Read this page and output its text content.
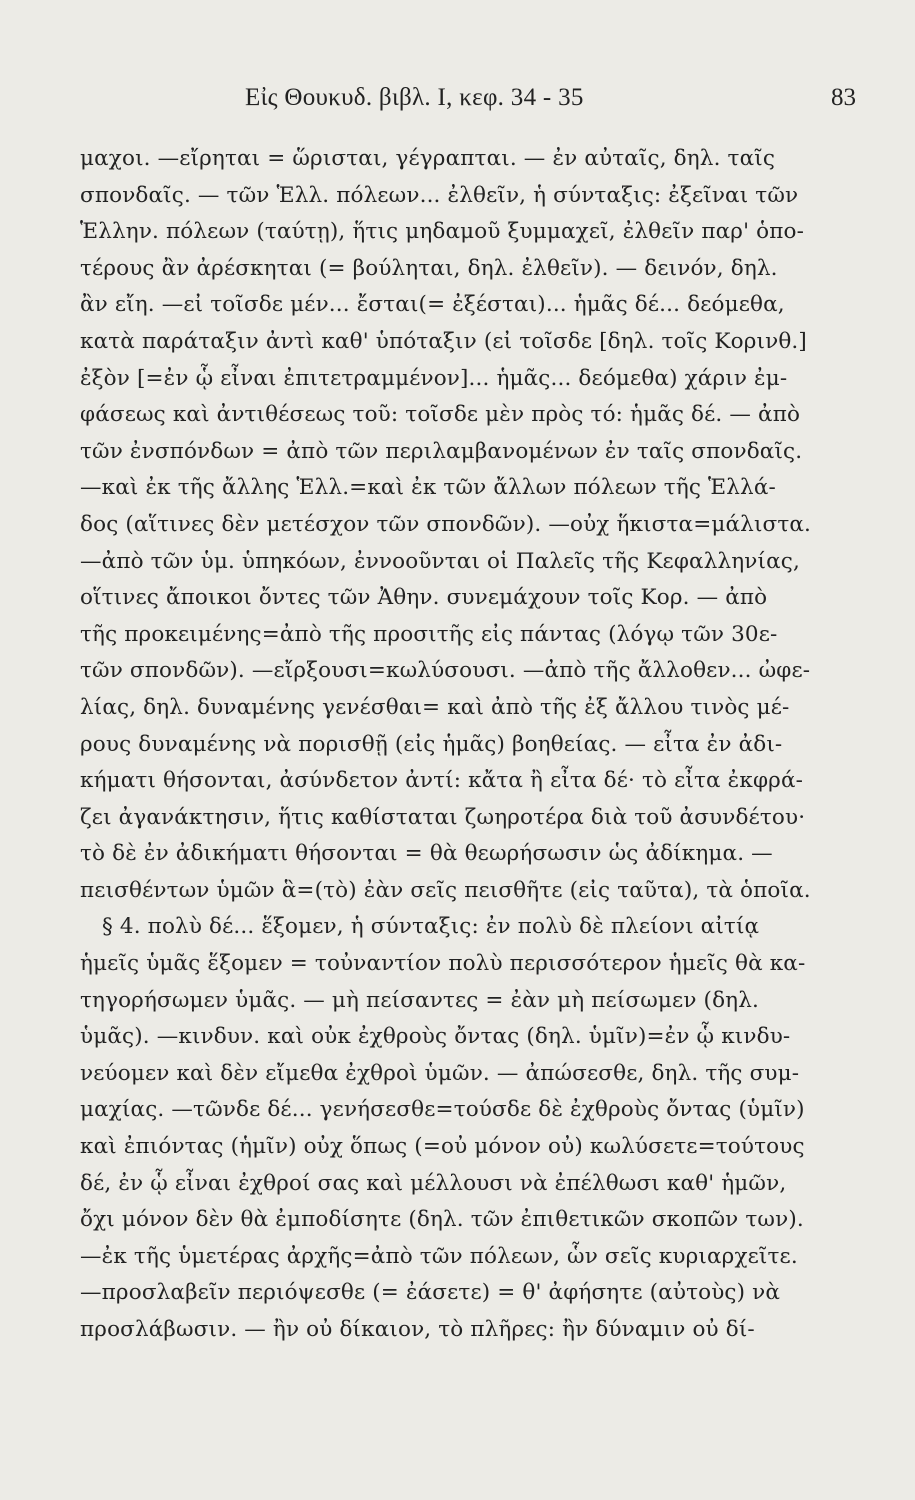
Εἰς Θουκυδ. βιβλ. I, κεφ. 34 - 35	83
μαχοι. —εἴρηται = ὥρισται, γέγραπται. — ἐν αὐταῖς, δηλ. ταῖς
σπονδαῖς. — τῶν Ἑλλ. πόλεων... ἐλθεῖν, ἡ σύνταξις: ἐξεῖναι τῶν
Ἑλλην. πόλεων (ταύτῃ), ἥτις μηδαμοῦ ξυμμαχεῖ, ἐλθεῖν παρ' ὁπο-
τέρους ἂν ἀρέσκηται (= βούληται, δηλ. ἐλθεῖν). — δεινόν, δηλ.
ἂν εἴη. —εἰ τοῖσδε μέν... ἔσται(= ἐξέσται)... ἡμᾶς δέ... δεόμεθα,
κατὰ παράταξιν ἀντὶ καθ' ὑπόταξιν (εἰ τοῖσδε [δηλ. τοῖς Κορινθ.]
ἐξὸν [=ἐν ᾧ εἶναι ἐπιτετραμμένον]... ἡμᾶς... δεόμεθα) χάριν ἐμ-
φάσεως καὶ ἀντιθέσεως τοῦ: τοῖσδε μὲν πρὸς τό: ἡμᾶς δέ. — ἀπὸ
τῶν ἐνσπόνδων = ἀπὸ τῶν περιλαμβανομένων ἐν ταῖς σπονδαῖς.
—καὶ ἐκ τῆς ἄλλης Ἑλλ.=καὶ ἐκ τῶν ἄλλων πόλεων τῆς Ἑλλά-
δος (αἵτινες δὲν μετέσχον τῶν σπονδῶν). —οὐχ ἥκιστα=μάλιστα.
—ἀπὸ τῶν ὑμ. ὑπηκόων, ἐννοοῦνται οἱ Παλεῖς τῆς Κεφαλληνίας,
οἵτινες ἄποικοι ὄντες τῶν Ἀθην. συνεμάχουν τοῖς Κορ. — ἀπὸ
τῆς προκειμένης=ἀπὸ τῆς προσιτῆς εἰς πάντας (λόγῳ τῶν 30ε-
τῶν σπονδῶν). —εἴρξουσι=κωλύσουσι. —ἀπὸ τῆς ἄλλοθεν... ὠφε-
λίας, δηλ. δυναμένης γενέσθαι= καὶ ἀπὸ τῆς ἐξ ἄλλου τινὸς μέ-
ρους δυναμένης νὰ πορισθῇ (εἰς ἡμᾶς) βοηθείας. — εἶτα ἐν ἀδι-
κήματι θήσονται, ἀσύνδετον ἀντί: κἄτα ἢ εἶτα δέ· τὸ εἶτα ἐκφρά-
ζει ἀγανάκτησιν, ἥτις καθίσταται ζωηροτέρα διὰ τοῦ ἀσυνδέτου·
τὸ δὲ ἐν ἀδικήματι θήσονται = θὰ θεωρήσωσιν ὡς ἀδίκημα. —
πεισθέντων ὑμῶν ἃ=(τὸ) ἐὰν σεῖς πεισθῆτε (εἰς ταῦτα), τὰ ὁποῖα.
§ 4. πολὺ δέ... ἕξομεν, ἡ σύνταξις: ἐν πολὺ δὲ πλείονι αἰτίᾳ
ἡμεῖς ὑμᾶς ἕξομεν = τοὐναντίον πολὺ περισσότερον ἡμεῖς θὰ κα-
τηγορήσωμεν ὑμᾶς. — μὴ πείσαντες = ἐὰν μὴ πείσωμεν (δηλ.
ὑμᾶς). —κινδυν. καὶ οὐκ ἐχθροὺς ὄντας (δηλ. ὑμῖν)=ἐν ᾧ κινδυ-
νεύομεν καὶ δὲν εἴμεθα ἐχθροὶ ὑμῶν. — ἀπώσεσθε, δηλ. τῆς συμ-
μαχίας. —τῶνδε δέ... γενήσεσθε=τούσδε δὲ ἐχθροὺς ὄντας (ὑμῖν)
καὶ ἐπιόντας (ἡμῖν) οὐχ ὅπως (=οὐ μόνον οὐ) κωλύσετε=τούτους
δέ, ἐν ᾧ εἶναι ἐχθροί σας καὶ μέλλουσι νὰ ἐπέλθωσι καθ' ἡμῶν,
ὄχι μόνον δὲν θὰ ἐμποδίσητε (δηλ. τῶν ἐπιθετικῶν σκοπῶν των).
—ἐκ τῆς ὑμετέρας ἀρχῆς=ἀπὸ τῶν πόλεων, ὧν σεῖς κυριαρχεῖτε.
—προσλαβεῖν περιόψεσθε (= ἐάσετε) = θ' ἀφήσητε (αὐτοὺς) νὰ
προσλάβωσιν. — ἢν οὐ δίκαιον, τὸ πλῆρες: ἢν δύναμιν οὐ δί-
